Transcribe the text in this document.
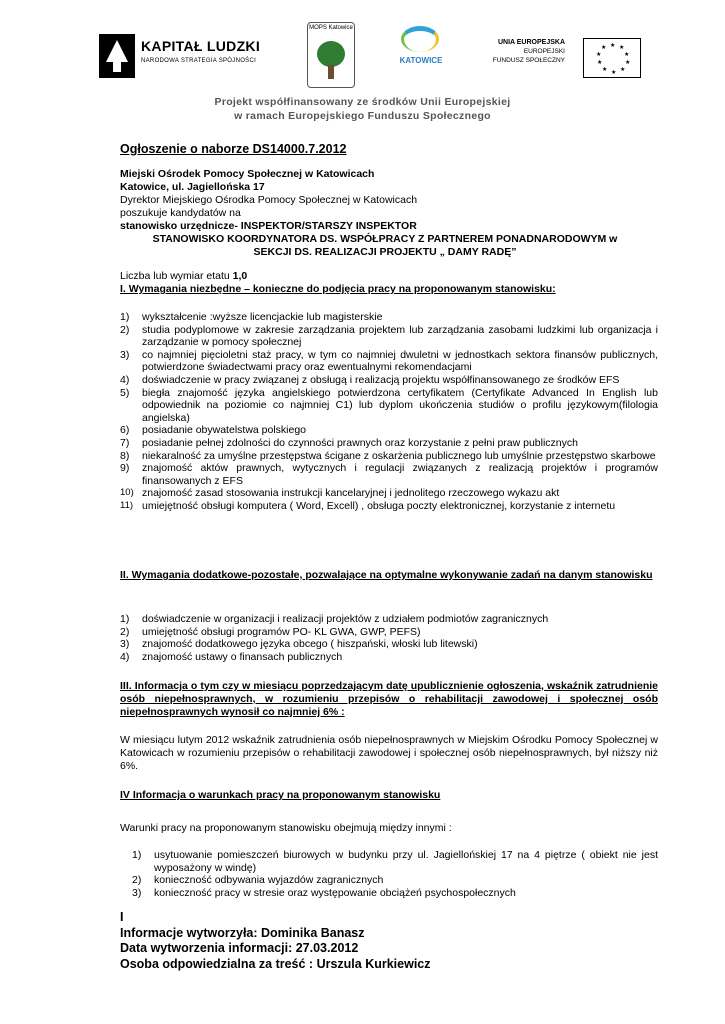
KAPITAŁ LUDZKI
NARODOWA STRATEGIA SPÓJNOŚCI
MOPS Katowice
KATOWICE
UNIA EUROPEJSKA
EUROPEJSKI
FUNDUSZ SPOŁECZNY
★ ★
★
★
★
★
★
★
★
★
Projekt współfinansowany ze środków Unii Europejskiej
w ramach Europejskiego Funduszu Społecznego
Ogłoszenie o naborze DS14000.7.2012
Miejski Ośrodek Pomocy Społecznej w Katowicach
Katowice, ul. Jagiellońska 17
Dyrektor Miejskiego Ośrodka Pomocy Społecznej w Katowicach
poszukuje kandydatów na
stanowisko urzędnicze- INSPEKTOR/STARSZY INSPEKTOR
STANOWISKO KOORDYNATORA DS. WSPÓŁPRACY Z PARTNEREM PONADNARODOWYM w
SEKCJI DS. REALIZACJI PROJEKTU „ DAMY RADĘ”
Liczba lub wymiar etatu 1,0
I. Wymagania niezbędne – konieczne do podjęcia pracy na proponowanym stanowisku:
1) wykształcenie :wyższe licencjackie lub magisterskie
2) studia podyplomowe w zakresie zarządzania projektem lub zarządzania zasobami ludzkimi lub organizacja i zarządzanie w pomocy społecznej
3) co najmniej pięcioletni staż pracy, w tym co najmniej dwuletni w jednostkach sektora finansów publicznych, potwierdzone świadectwami pracy oraz ewentualnymi rekomendacjami
4) doświadczenie w pracy związanej z obsługą i realizacją projektu współfinansowanego ze środków EFS
5) biegła znajomość języka angielskiego potwierdzona certyfikatem (Certyfikate Advanced In English lub odpowiednik na poziomie co najmniej C1) lub dyplom ukończenia studiów o profilu językowym(filologia angielska)
6) posiadanie obywatelstwa polskiego
7) posiadanie pełnej zdolności do czynności prawnych oraz korzystanie z pełni praw publicznych
8) niekaralność za umyślne przestępstwa ścigane z oskarżenia publicznego lub umyślnie przestępstwo skarbowe
9) znajomość aktów prawnych, wytycznych i regulacji związanych z realizacją projektów i programów finansowanych z EFS
10) znajomość zasad stosowania instrukcji kancelaryjnej i jednolitego rzeczowego wykazu akt
11) umiejętność obsługi komputera ( Word, Excell) , obsługa poczty elektronicznej, korzystanie z internetu
II. Wymagania dodatkowe-pozostałe, pozwalające na optymalne wykonywanie zadań na danym stanowisku
1) doświadczenie w organizacji i realizacji projektów z udziałem podmiotów zagranicznych
2) umiejętność obsługi programów PO- KL GWA, GWP, PEFS)
3) znajomość dodatkowego języka obcego ( hiszpański, włoski lub litewski)
4) znajomość ustawy o finansach publicznych
III. Informacja o tym czy w miesiącu poprzedzającym datę upublicznienie ogłoszenia, wskaźnik zatrudnienie osób niepełnosprawnych, w rozumieniu przepisów o rehabilitacji zawodowej i społecznej osób niepełnosprawnych wynosił co najmniej 6% :
W miesiącu lutym 2012 wskaźnik zatrudnienia osób niepełnosprawnych w Miejskim Ośrodku Pomocy Społecznej w Katowicach w rozumieniu przepisów o rehabilitacji zawodowej i społecznej osób niepełnosprawnych, był niższy niż 6%.
IV Informacja o warunkach pracy na proponowanym stanowisku
Warunki pracy na proponowanym stanowisku obejmują między innymi :
1) usytuowanie pomieszczeń biurowych w budynku przy ul. Jagiellońskiej 17 na 4 piętrze ( obiekt nie jest wyposażony w windę)
2) konieczność odbywania wyjazdów zagranicznych
3) konieczność pracy w stresie oraz występowanie obciążeń psychospołecznych
I
Informacje wytworzyła: Dominika Banasz
Data wytworzenia informacji: 27.03.2012
Osoba odpowiedzialna za treść : Urszula Kurkiewicz
